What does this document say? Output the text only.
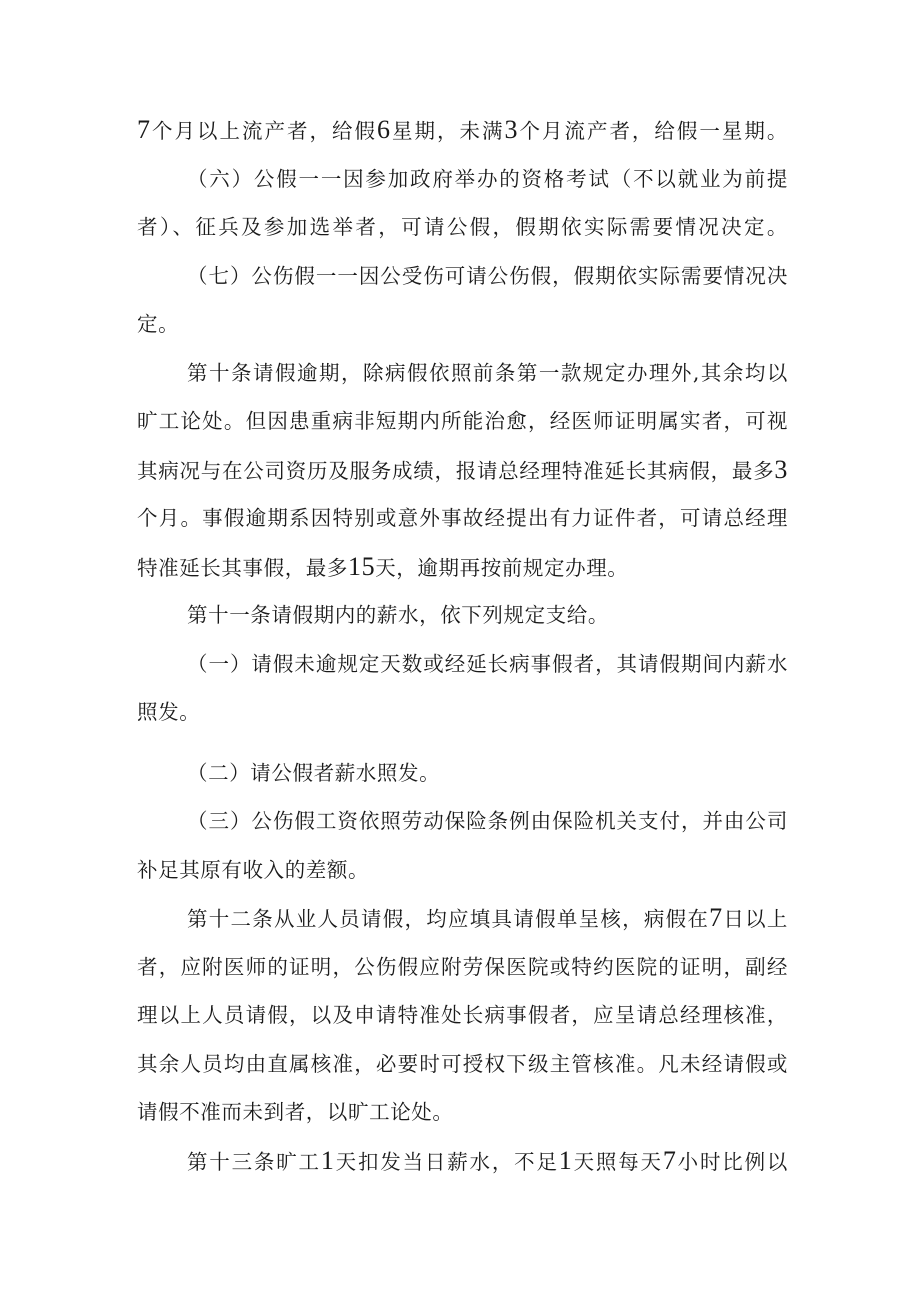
7个月以上流产者，给假6星期，未满3个月流产者，给假一星期。
（六）公假一一因参加政府举办的资格考试（不以就业为前提
者）、征兵及参加选举者，可请公假，假期依实际需要情况决定。
（七）公伤假一一因公受伤可请公伤假，假期依实际需要情况决
定。
第十条请假逾期，除病假依照前条第一款规定办理外,其余均以
旷工论处。但因患重病非短期内所能治愈，经医师证明属实者，可视
其病况与在公司资历及服务成绩，报请总经理特准延长其病假，最多3
个月。事假逾期系因特别或意外事故经提出有力证件者，可请总经理
特准延长其事假，最多15天，逾期再按前规定办理。
第十一条请假期内的薪水，依下列规定支给。
（一）请假未逾规定天数或经延长病事假者，其请假期间内薪水
照发。
（二）请公假者薪水照发。
（三）公伤假工资依照劳动保险条例由保险机关支付，并由公司
补足其原有收入的差额。
第十二条从业人员请假，均应填具请假单呈核，病假在7日以上
者，应附医师的证明，公伤假应附劳保医院或特约医院的证明，副经
理以上人员请假，以及申请特准处长病事假者，应呈请总经理核准，
其余人员均由直属核准，必要时可授权下级主管核准。凡未经请假或
请假不准而未到者，以旷工论处。
第十三条旷工1天扣发当日薪水，不足1天照每天7小时比例以
